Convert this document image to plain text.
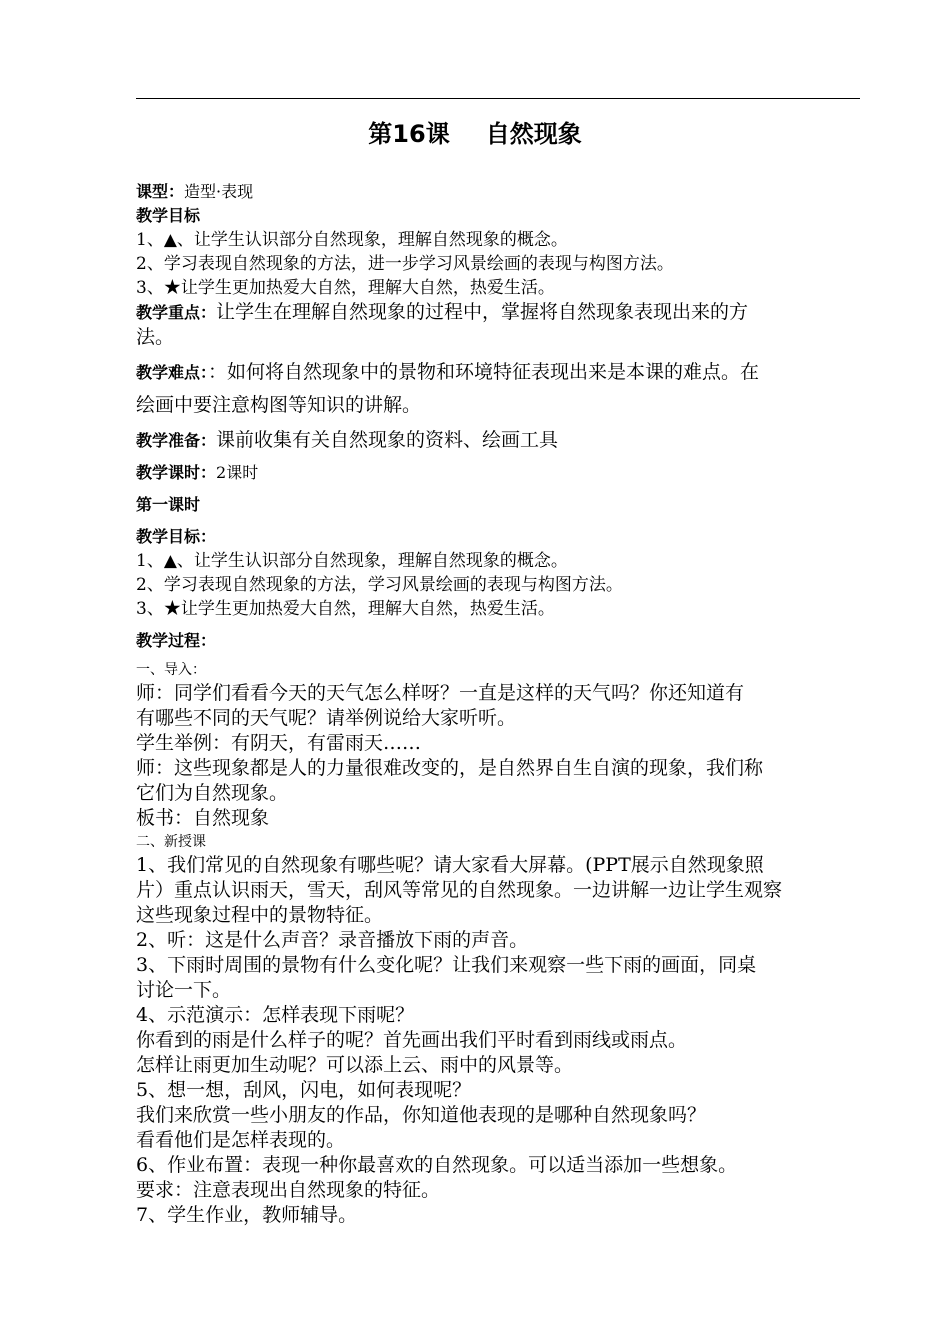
第16课 自然现象

课型：造型·表现

教学目标

1、▲、让学生认识部分自然现象，理解自然现象的概念。

2、学习表现自然现象的方法，进一步学习风景绘画的表现与构图方法。

3、★让学生更加热爱大自然，理解大自然，热爱生活。

教学重点：让学生在理解自然现象的过程中，掌握将自然现象表现出来的方

法。

教学难点：：如何将自然现象中的景物和环境特征表现出来是本课的难点。在

绘画中要注意构图等知识的讲解。

教学准备：课前收集有关自然现象的资料、绘画工具

教学课时：2课时

第一课时

教学目标：

1、▲、让学生认识部分自然现象，理解自然现象的概念。

2、学习表现自然现象的方法，学习风景绘画的表现与构图方法。

3、★让学生更加热爱大自然，理解大自然，热爱生活。

教学过程：

一、导入：

师：同学们看看今天的天气怎么样呀？一直是这样的天气吗？你还知道有

有哪些不同的天气呢？请举例说给大家听听。

学生举例：有阴天，有雷雨天……

师：这些现象都是人的力量很难改变的，是自然界自生自演的现象，我们称

它们为自然现象。

板书：自然现象

二、新授课

1、我们常见的自然现象有哪些呢？请大家看大屏幕。(PPT展示自然现象照

片）重点认识雨天，雪天，刮风等常见的自然现象。一边讲解一边让学生观察

这些现象过程中的景物特征。

2、听：这是什么声音？录音播放下雨的声音。

3、下雨时周围的景物有什么变化呢？让我们来观察一些下雨的画面，同桌

讨论一下。

4、示范演示：怎样表现下雨呢？

你看到的雨是什么样子的呢？首先画出我们平时看到雨线或雨点。

怎样让雨更加生动呢？可以添上云、雨中的风景等。

5、想一想，刮风，闪电，如何表现呢？

我们来欣赏一些小朋友的作品，你知道他表现的是哪种自然现象吗？

看看他们是怎样表现的。

6、作业布置：表现一种你最喜欢的自然现象。可以适当添加一些想象。

要求：注意表现出自然现象的特征。

7、学生作业，教师辅导。
